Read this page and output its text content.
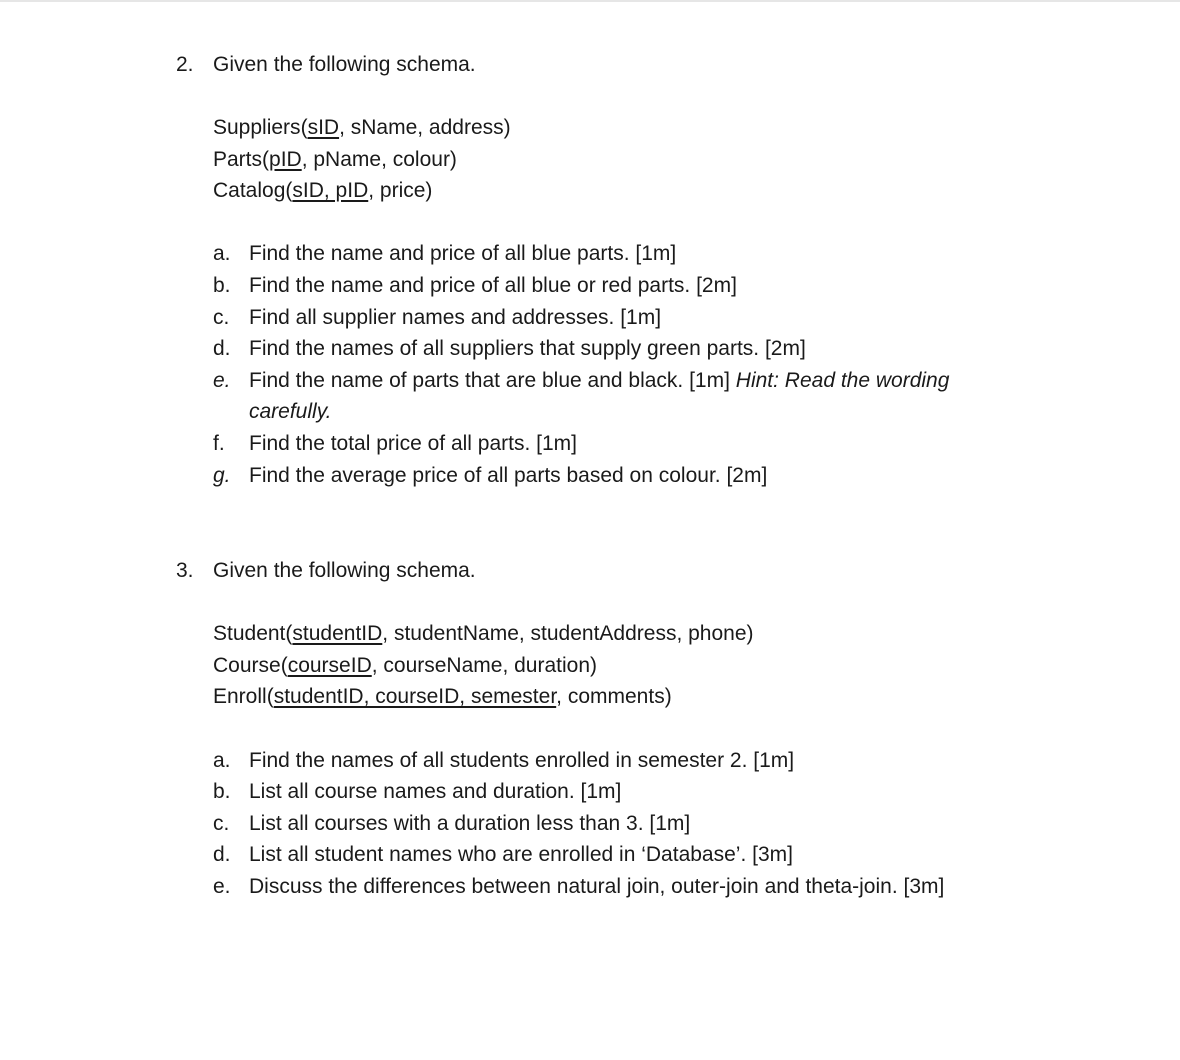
2. Given the following schema.
Suppliers(sID, sName, address)
Parts(pID, pName, colour)
Catalog(sID, pID, price)
a. Find the name and price of all blue parts. [1m]
b. Find the name and price of all blue or red parts. [2m]
c. Find all supplier names and addresses. [1m]
d. Find the names of all suppliers that supply green parts. [2m]
e. Find the name of parts that are blue and black. [1m] Hint: Read the wording
carefully.
f.	Find the total price of all parts. [1m]
g. Find the average price of all parts based on colour. [2m]
3. Given the following schema.
Student(studentID, studentName, studentAddress, phone)
Course(courseID, courseName, duration)
Enroll(studentID, courseID, semester, comments)
a. Find the names of all students enrolled in semester 2. [1m]
b. List all course names and duration. [1m]
c. List all courses with a duration less than 3. [1m]
d. List all student names who are enrolled in ‘Database’. [3m]
e. Discuss the differences between natural join, outer-join and theta-join. [3m]
